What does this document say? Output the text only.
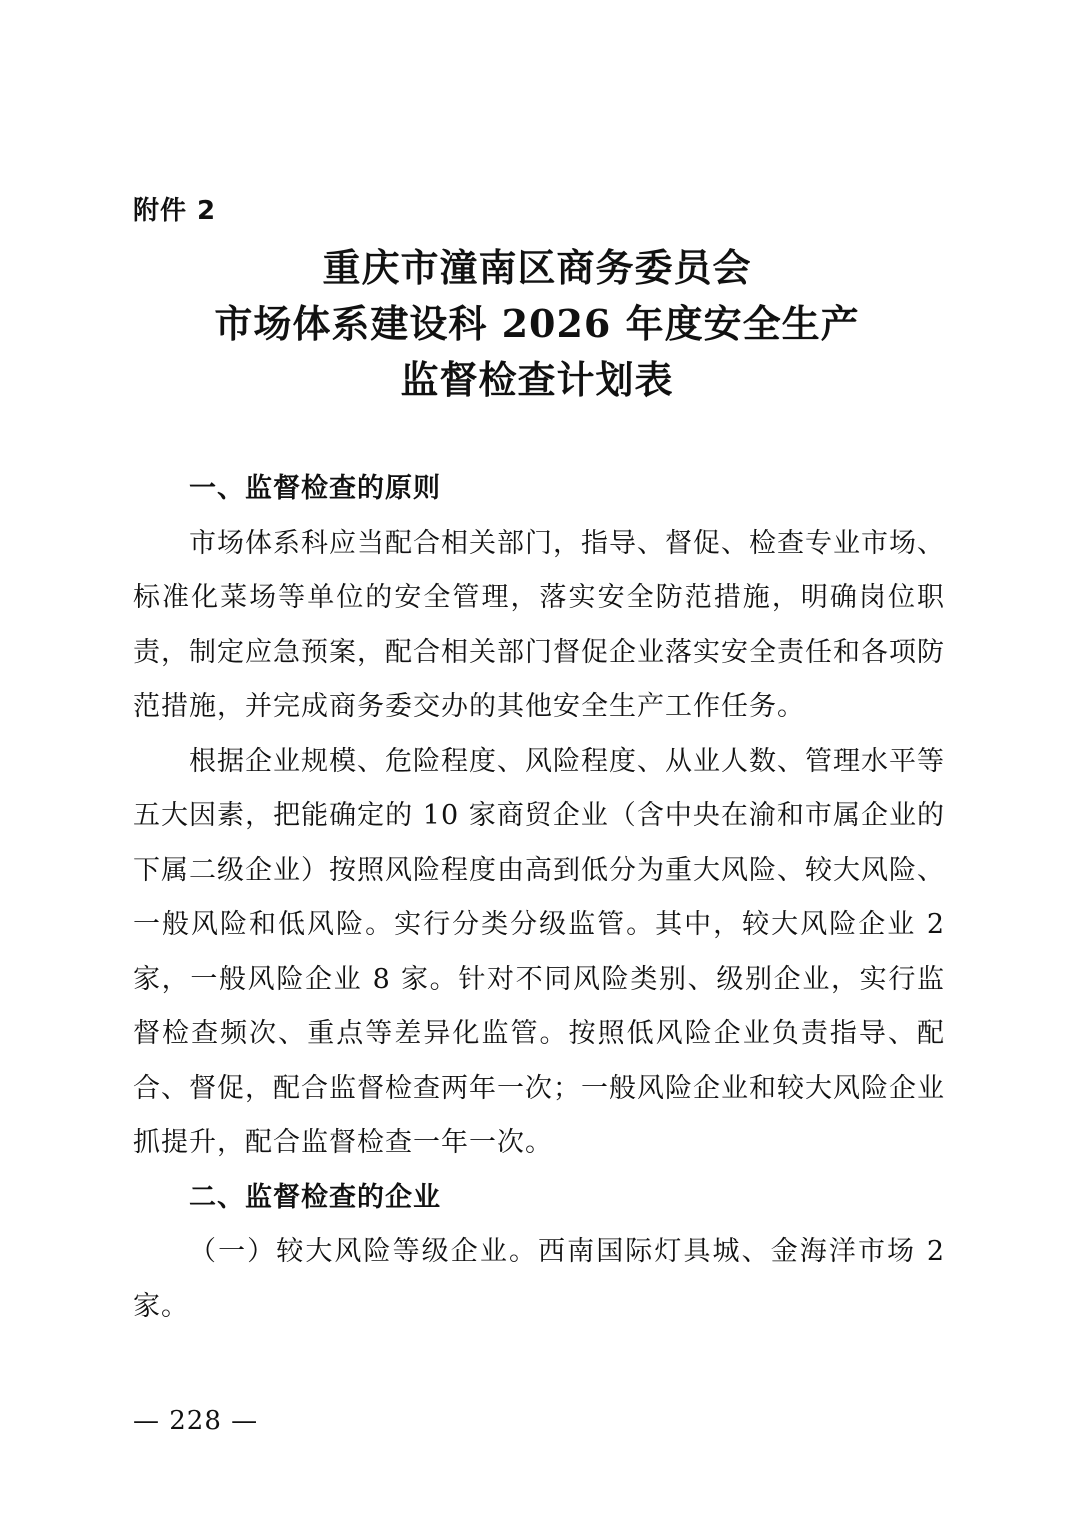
附件 2
重庆市潼南区商务委员会
市场体系建设科 2026 年度安全生产
监督检查计划表

一、监督检查的原则

市场体系科应当配合相关部门，指导、督促、检查专业市场、标准化菜场等单位的安全管理，落实安全防范措施，明确岗位职责，制定应急预案，配合相关部门督促企业落实安全责任和各项防范措施，并完成商务委交办的其他安全生产工作任务。

根据企业规模、危险程度、风险程度、从业人数、管理水平等五大因素，把能确定的 10 家商贸企业（含中央在渝和市属企业的下属二级企业）按照风险程度由高到低分为重大风险、较大风险、一般风险和低风险。实行分类分级监管。其中，较大风险企业 2 家，一般风险企业 8 家。针对不同风险类别、级别企业，实行监督检查频次、重点等差异化监管。按照低风险企业负责指导、配合、督促，配合监督检查两年一次；一般风险企业和较大风险企业抓提升，配合监督检查一年一次。

二、监督检查的企业

（一）较大风险等级企业。西南国际灯具城、金海洋市场 2 家。

— 228 —
